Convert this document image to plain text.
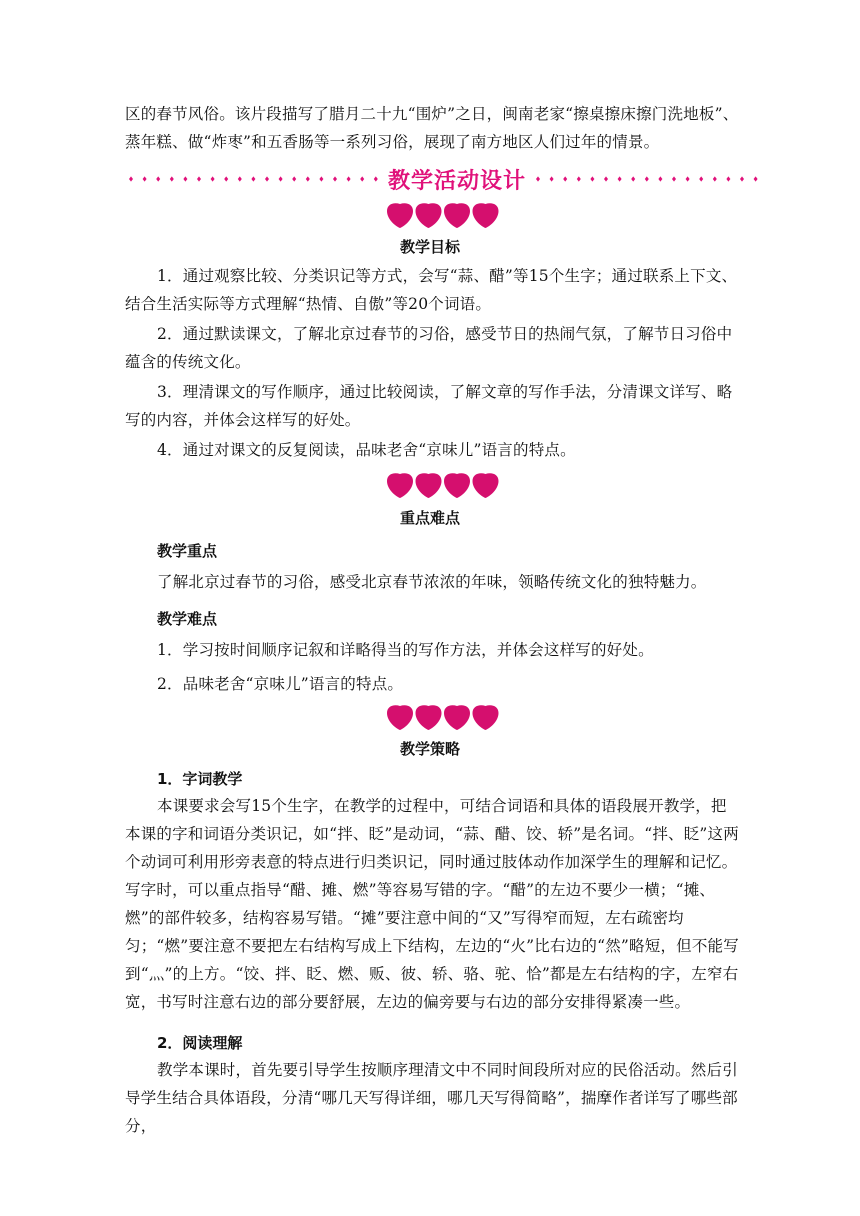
区的春节风俗。该片段描写了腊月二十九“围炉”之日，闽南老家“擦桌擦床擦门洗地板”、
蒸年糕、做“炸枣”和五香肠等一系列习俗，展现了南方地区人们过年的情景。
教学活动设计
教学目标
1．通过观察比较、分类识记等方式，会写“蒜、醋”等15个生字；通过联系上下文、结合生活实际等方式理解“热情、自傲”等20个词语。
2．通过默读课文，了解北京过春节的习俗，感受节日的热闹气氛，了解节日习俗中蕴含的传统文化。
3．理清课文的写作顺序，通过比较阅读，了解文章的写作手法，分清课文详写、略写的内容，并体会这样写的好处。
4．通过对课文的反复阅读，品味老舍“京味儿”语言的特点。
重点难点
教学重点
了解北京过春节的习俗，感受北京春节浓浓的年味，领略传统文化的独特魅力。
教学难点
1．学习按时间顺序记叙和详略得当的写作方法，并体会这样写的好处。
2．品味老舍“京味儿”语言的特点。
教学策略
1．字词教学
本课要求会写15个生字，在教学的过程中，可结合词语和具体的语段展开教学，把本课的字和词语分类识记，如“拌、眨”是动词，“蒜、醋、饺、轿”是名词。“拌、眨”这两个动词可利用形旁表意的特点进行归类识记，同时通过肢体动作加深学生的理解和记忆。写字时，可以重点指导“醋、摊、燃”等容易写错的字。“醋”的左边不要少一横；“摊、燃”的部件较多，结构容易写错。“摊”要注意中间的“又”写得窄而短，左右疏密均匀；“燃”要注意不要把左右结构写成上下结构，左边的“火”比右边的“然”略短，但不能写到“灬”的上方。“饺、拌、眨、燃、贩、彼、轿、骆、驼、恰”都是左右结构的字，左窄右宽，书写时注意右边的部分要舒展，左边的偏旁要与右边的部分安排得紧凑一些。
2．阅读理解
教学本课时，首先要引导学生按顺序理清文中不同时间段所对应的民俗活动。然后引导学生结合具体语段，分清“哪几天写得详细，哪几天写得简略”，揣摩作者详写了哪些部分，
